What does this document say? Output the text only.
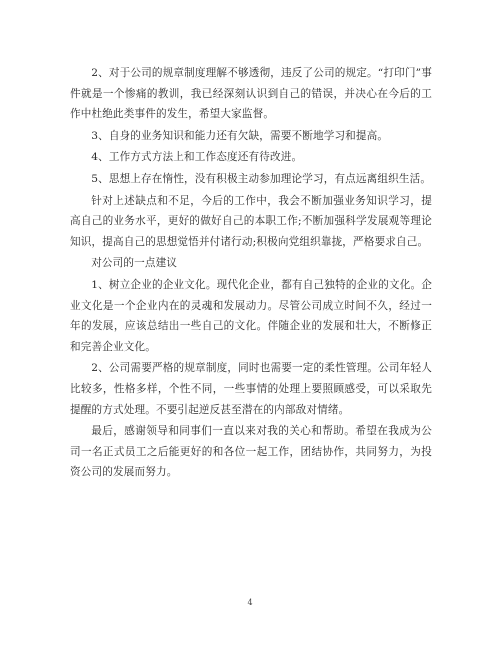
2、对于公司的规章制度理解不够透彻，违反了公司的规定。“打印门”事件就是一个惨痛的教训，我已经深刻认识到自己的错误，并决心在今后的工作中杜绝此类事件的发生，希望大家监督。

3、自身的业务知识和能力还有欠缺，需要不断地学习和提高。

4、工作方式方法上和工作态度还有待改进。

5、思想上存在惰性，没有积极主动参加理论学习，有点远离组织生活。

针对上述缺点和不足，今后的工作中，我会不断加强业务知识学习，提高自己的业务水平，更好的做好自己的本职工作;不断加强科学发展观等理论知识，提高自己的思想觉悟并付诸行动;积极向党组织靠拢，严格要求自己。

对公司的一点建议

1、树立企业的企业文化。现代化企业，都有自己独特的企业的文化。企业文化是一个企业内在的灵魂和发展动力。尽管公司成立时间不久，经过一年的发展，应该总结出一些自己的文化。伴随企业的发展和壮大，不断修正和完善企业文化。

2、公司需要严格的规章制度，同时也需要一定的柔性管理。公司年轻人比较多，性格多样，个性不同，一些事情的处理上要照顾感受，可以采取先提醒的方式处理。不要引起逆反甚至潜在的内部敌对情绪。

最后，感谢领导和同事们一直以来对我的关心和帮助。希望在我成为公司一名正式员工之后能更好的和各位一起工作，团结协作，共同努力，为投资公司的发展而努力。

4
